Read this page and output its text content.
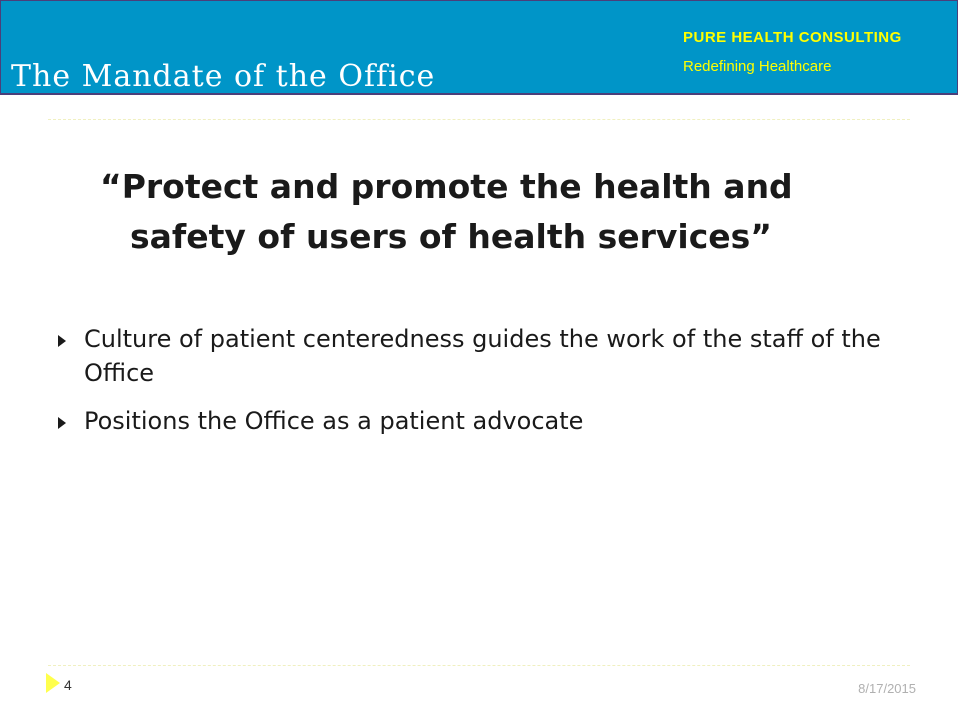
The Mandate of the Office
PURE HEALTH CONSULTING
Redefining Healthcare
“Protect and promote the health and safety of users of health services”
Culture of patient centeredness guides the work of the staff of the Office
Positions the Office as a patient advocate
4	8/17/2015
